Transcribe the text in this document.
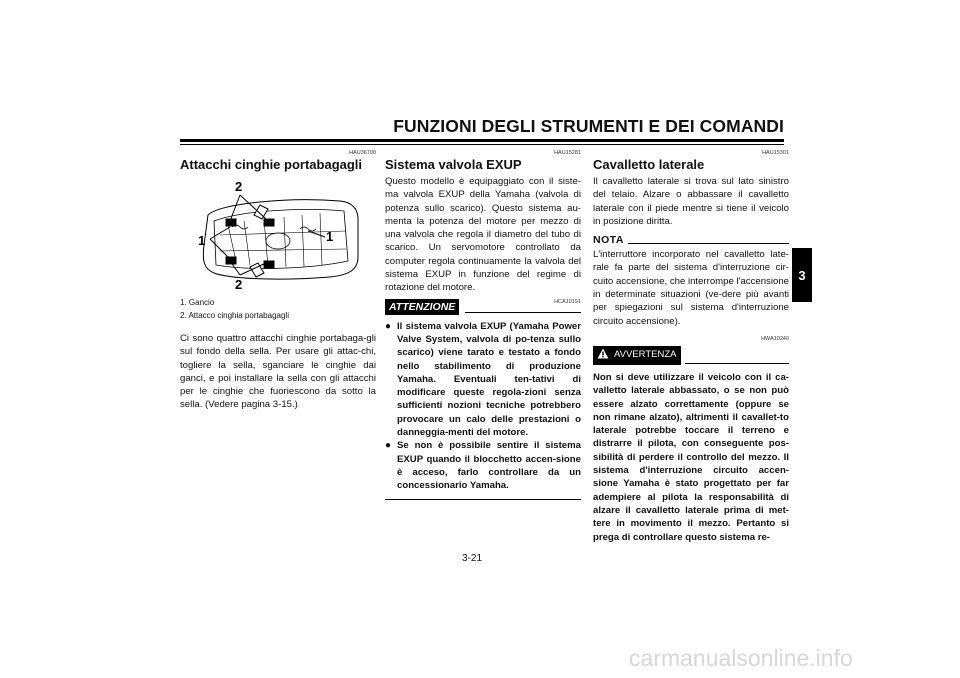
FUNZIONI DEGLI STRUMENTI E DEI COMANDI
3
HAU36700
Attacchi cinghie portabagagli
2
1	1
2
1. Gancio
2. Attacco cinghia portabagagli
Ci sono quattro attacchi cinghie portabaga-gli sul fondo della sella. Per usare gli attac-chi, togliere la sella, sganciare le cinghie dai ganci, e poi installare la sella con gli attacchi per le cinghie che fuoriescono da sotto la sella. (Vedere pagina 3-15.)
HAU15281
Sistema valvola EXUP
Questo modello è equipaggiato con il siste-ma valvola EXUP della Yamaha (valvola di potenza sullo scarico). Questo sistema au-menta la potenza del motore per mezzo di una valvola che regola il diametro del tubo di scarico. Un servomotore controllato da computer regola continuamente la valvola del sistema EXUP in funzione del regime di rotazione del motore.
ATTENZIONE	HCA10191
● Il sistema valvola EXUP (Yamaha Power Valve System, valvola di po-tenza sullo scarico) viene tarato e testato a fondo nello stabilimento di produzione Yamaha. Eventuali ten-tativi di modificare queste regola-zioni senza sufficienti nozioni tecniche potrebbero provocare un calo delle prestazioni o danneggia-menti del motore.
● Se non è possibile sentire il sistema EXUP quando il blocchetto accen-sione è acceso, farlo controllare da un concessionario Yamaha.
HAU15301
Cavalletto laterale
Il cavalletto laterale si trova sul lato sinistro del telaio. Alzare o abbassare il cavalletto laterale con il piede mentre si tiene il veicolo in posizione diritta.
NOTA
L'interruttore incorporato nel cavalletto late-rale fa parte del sistema d'interruzione cir-cuito accensione, che interrompe l'accensione in determinate situazioni (ve-dere più avanti per spiegazioni sul sistema d'interruzione circuito accensione).
HWA10240
AVVERTENZA
Non si deve utilizzare il veicolo con il ca-valletto laterale abbassato, o se non può essere alzato correttamente (oppure se non rimane alzato), altrimenti il cavallet-to laterale potrebbe toccare il terreno e distrarre il pilota, con conseguente pos-sibilità di perdere il controllo del mezzo. Il sistema d'interruzione circuito accen-sione Yamaha è stato progettato per far adempiere al pilota la responsabilità di alzare il cavalletto laterale prima di met-tere in movimento il mezzo. Pertanto si prega di controllare questo sistema re-
3-21
carmanualsonline.info
